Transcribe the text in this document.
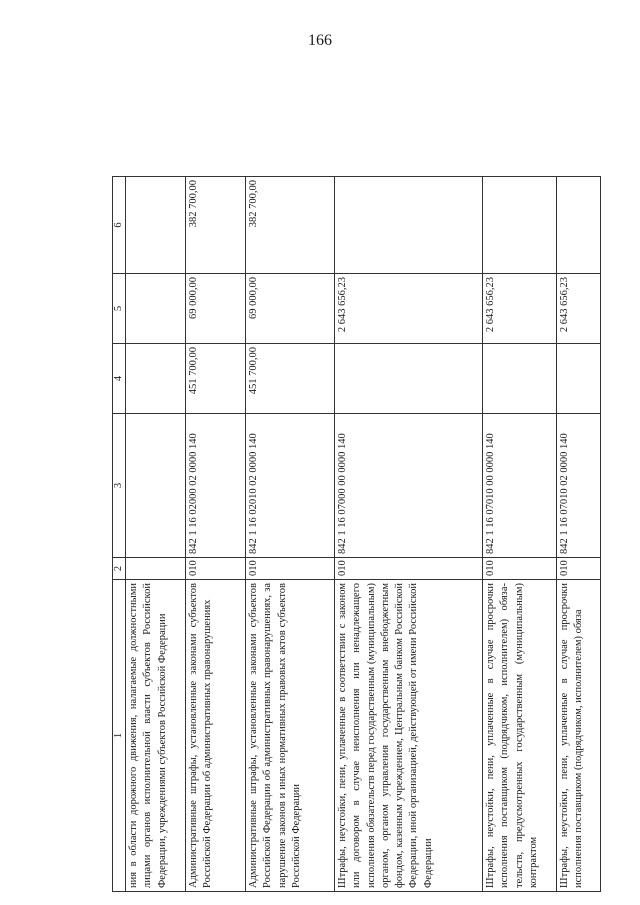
166
1	2	3	4	5	6
ния в области дорожного движения, налагаемые должностными лицами органов исполнительной власти субъектов Российской Федерации, учреждениями субъектов Российской Федерации					
Административные штрафы, установленные законами субъектов Российской Федерации об административных правонарушениях	010	842 1 16 02000 02 0000 140	451 700,00	69 000,00	382 700,00
Административные штрафы, установленные законами субъектов Российской Федерации об административных правонарушениях, за нарушение законов и иных нормативных правовых актов субъектов Российской Федерации	010	842 1 16 02010 02 0000 140	451 700,00	69 000,00	382 700,00
Штрафы, неустойки, пени, уплаченные в соответствии с законом или договором в случае неисполнения или ненадлежащего исполнения обязательств перед государственным (муниципальным) органом, органом управления государственным внебюджетным фондом, казенным учреждением, Центральным банком Российской Федерации, иной организацией, действующей от имени Российской Федерации	010	842 1 16 07000 00 0000 140		2 643 656,23	
Штрафы, неустойки, пени, уплаченные в случае просрочки исполнения поставщиком (подрядчиком, исполнителем) обязательств, предусмотренных государственным (муниципальным) контрактом	010	842 1 16 07010 00 0000 140		2 643 656,23	
Штрафы, неустойки, пени, уплаченные в случае просрочки исполнения поставщиком (подрядчиком, исполнителем) обяза	010	842 1 16 07010 02 0000 140		2 643 656,23	
